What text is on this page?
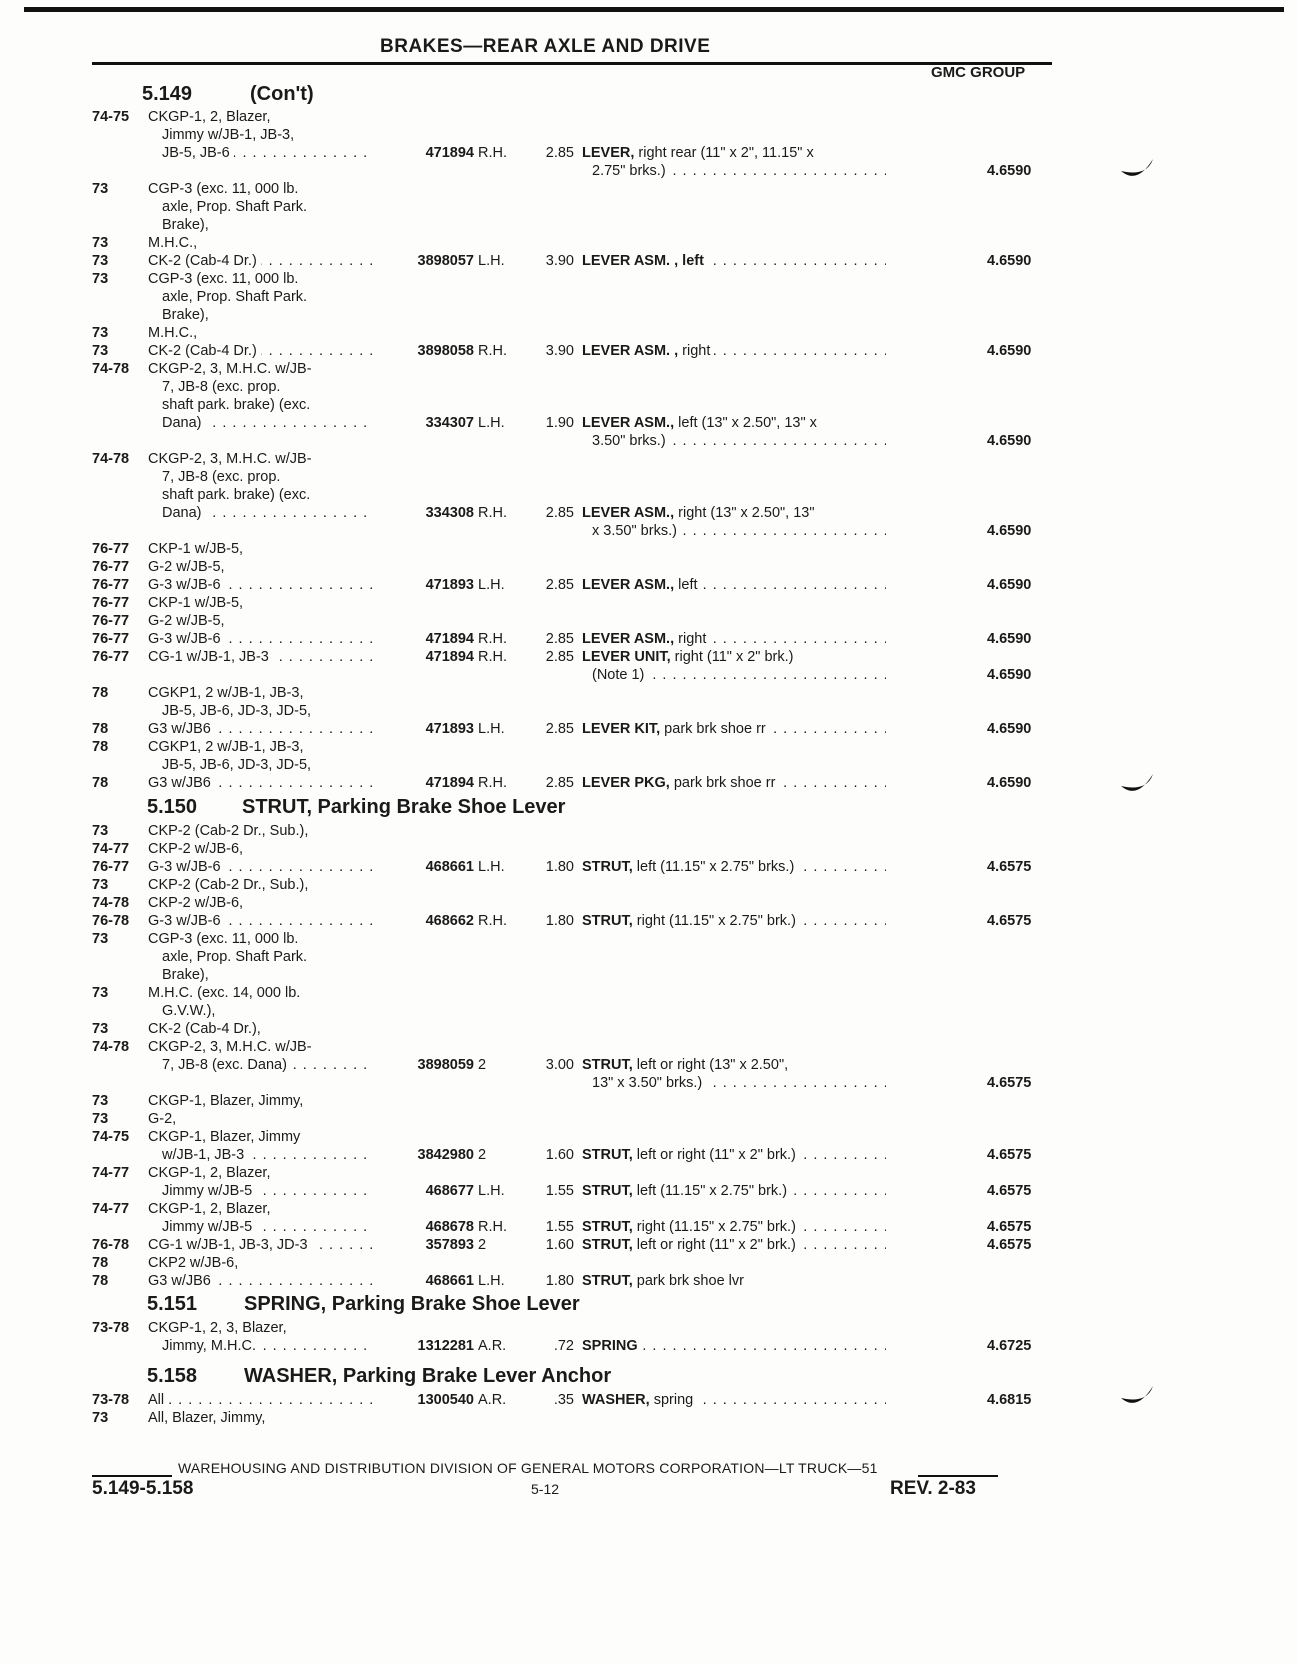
BRAKES—REAR AXLE AND DRIVE
GMC GROUP
5.149	(Con't)
5.150 STRUT, Parking Brake Shoe Lever
5.151 SPRING, Parking Brake Shoe Lever
5.158 WASHER, Parking Brake Lever Anchor
74-75 CKGP-1, 2, Blazer,
Jimmy w/JB-1, JB-3,
JB-5, JB-6 . . .	471894 R.H.	2.85 LEVER, right rear (11" x 2", 11.15" x
2.75" brks.) . . .	4.6590
73	CGP-3 (exc. 11, 000 lb.
axle, Prop. Shaft Park.
Brake),
73	M.H.C.,
73	CK-2 (Cab-4 Dr.) . . .	3898057 L.H.	3.90 LEVER ASM. , left . . .	4.6590
73	CGP-3 (exc. 11, 000 lb.
axle, Prop. Shaft Park.
Brake),
73	M.H.C.,
73	CK-2 (Cab-4 Dr.) . . .	3898058 R.H.	3.90 LEVER ASM. , right . . .	4.6590
74-78 CKGP-2, 3, M.H.C. w/JB-
7, JB-8 (exc. prop.
shaft park. brake) (exc.
Dana) . . .	334307 L.H.	1.90 LEVER ASM., left (13" x 2.50", 13" x
3.50" brks.) . . .	4.6590
74-78 CKGP-2, 3, M.H.C. w/JB-
7, JB-8 (exc. prop.
shaft park. brake) (exc.
Dana) . . .	334308 R.H.	2.85 LEVER ASM., right (13" x 2.50", 13"
x 3.50" brks.) . . .	4.6590
76-77 CKP-1 w/JB-5,
76-77 G-2 w/JB-5,
76-77 G-3 w/JB-6 . . .	471893 L.H.	2.85 LEVER ASM., left . . .	4.6590
76-77 CKP-1 w/JB-5,
76-77 G-2 w/JB-5,
76-77 G-3 w/JB-6 . . .	471894 R.H.	2.85 LEVER ASM., right . . .	4.6590
76-77 CG-1 w/JB-1, JB-3 . . .	471894 R.H.	2.85 LEVER UNIT, right (11" x 2" brk.)
(Note 1) . . .	4.6590
78	CGKP1, 2 w/JB-1, JB-3,
JB-5, JB-6, JD-3, JD-5,
78	G3 w/JB6 . . .	471893 L.H.	2.85 LEVER KIT, park brk shoe rr . . .	4.6590
78	CGKP1, 2 w/JB-1, JB-3,
JB-5, JB-6, JD-3, JD-5,
78	G3 w/JB6 . . .	471894 R.H.	2.85 LEVER PKG, park brk shoe rr . . .	4.6590
73	CKP-2 (Cab-2 Dr., Sub.),
74-77 CKP-2 w/JB-6,
76-77 G-3 w/JB-6 . . .	468661 L.H.	1.80 STRUT, left (11.15" x 2.75" brks.) . . .	4.6575
73	CKP-2 (Cab-2 Dr., Sub.),
74-78 CKP-2 w/JB-6,
76-78 G-3 w/JB-6 . . .	468662 R.H.	1.80 STRUT, right (11.15" x 2.75" brk.) . . .	4.6575
73	CGP-3 (exc. 11, 000 lb.
axle, Prop. Shaft Park.
Brake),
73	M.H.C. (exc. 14, 000 lb.
G.V.W.),
73	CK-2 (Cab-4 Dr.),
74-78 CKGP-2, 3, M.H.C. w/JB-
7, JB-8 (exc. Dana) . . .	3898059 2	3.00 STRUT, left or right (13" x 2.50",
13" x 3.50" brks.) . . .	4.6575
73	CKGP-1, Blazer, Jimmy,
73	G-2,
74-75 CKGP-1, Blazer, Jimmy
w/JB-1, JB-3 . . .	3842980 2	1.60 STRUT, left or right (11" x 2" brk.) . . .	4.6575
74-77 CKGP-1, 2, Blazer,
Jimmy w/JB-5 . . .	468677 L.H.	1.55 STRUT, left (11.15" x 2.75" brk.) . . .	4.6575
74-77 CKGP-1, 2, Blazer,
Jimmy w/JB-5 . . .	468678 R.H.	1.55 STRUT, right (11.15" x 2.75" brk.) . . .	4.6575
76-78 CG-1 w/JB-1, JB-3, JD-3 . . .	357893 2	1.60 STRUT, left or right (11" x 2" brk.) . . .	4.6575
78	CKP2 w/JB-6,
78	G3 w/JB6 . . .	468661 L.H.	1.80 STRUT, park brk shoe lvr
73-78 CKGP-1, 2, 3, Blazer,
Jimmy, M.H.C. . . .	1312281 A.R.	.72 SPRING . . .	4.6725
73-78 All . . .	1300540 A.R.	.35 WASHER, spring . . .	4.6815
73	All, Blazer, Jimmy,
WAREHOUSING AND DISTRIBUTION DIVISION OF GENERAL MOTORS CORPORATION—LT TRUCK—51
5.149-5.158	5-12	REV. 2-83
